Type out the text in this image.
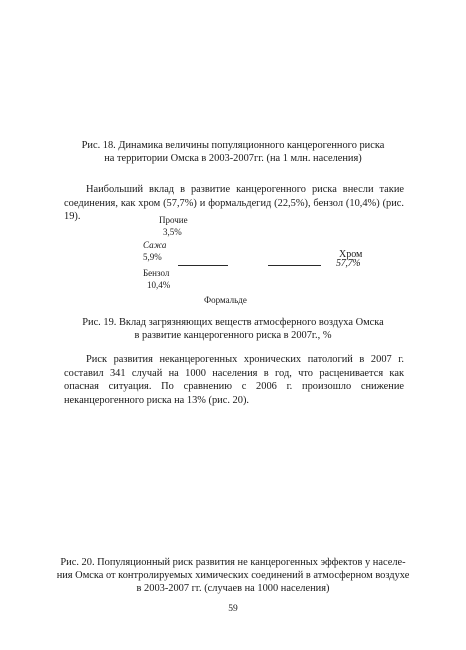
Рис. 18. Динамика величины популяционного канцерогенного риска
на территории Омска в 2003-2007гг. (на 1 млн. населения)
Наибольший вклад в развитие канцерогенного риска внесли такие соединения, как хром (57,7%) и формальдегид (22,5%), бензол (10,4%) (рис. 19).	Прочие
3,5%
Сажа
5,9%
Бензол
10,4%
Хром
57,7%
Формальде
Рис. 19. Вклад загрязняющих веществ атмосферного воздуха Омска
в развитие канцерогенного риска в 2007г., %
Риск развития неканцерогенных хронических патологий в 2007 г. составил 341 случай на 1000 населения в год, что расценивается как опасная ситуация. По сравнению с 2006 г. произошло снижение неканцерогенного риска на 13% (рис. 20).
Рис. 20. Популяционный риск развития не канцерогенных эффектов у населе-
ния Омска от контролируемых химических соединений в атмосферном воздухе
в 2003-2007 гг. (случаев на 1000 населения)
59
